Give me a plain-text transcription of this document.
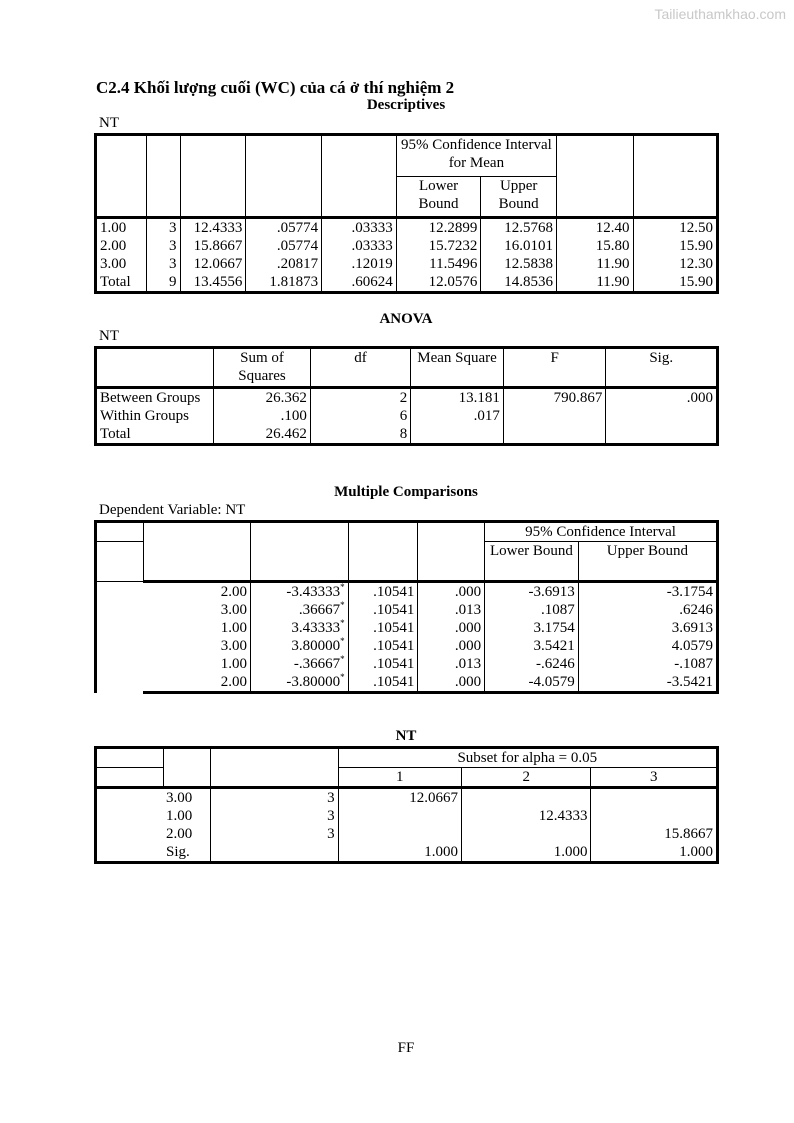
Tailieuthamkhao.com
C2.4 Khối lượng cuối (WC) của cá ở thí nghiệm 2
Descriptives
NT
					95% Confidence Interval for Mean			
					Lower Bound	Upper Bound		
1.00	3	12.4333	.05774	.03333	12.2899	12.5768	12.40	12.50
2.00	3	15.8667	.05774	.03333	15.7232	16.0101	15.80	15.90
3.00	3	12.0667	.20817	.12019	11.5496	12.5838	11.90	12.30
Total	9	13.4556	1.81873	.60624	12.0576	14.8536	11.90	15.90
ANOVA
NT
	Sum of Squares	df	Mean Square	F	Sig.
Between Groups	26.362	2	13.181	790.867	.000
Within Groups	.100	6	.017		
Total	26.462	8			
Multiple Comparisons
Dependent Variable: NT
					95% Confidence Interval	
					Lower Bound	Upper Bound
	2.00	-3.43333*	.10541	.000	-3.6913	-3.1754
	3.00	.36667*	.10541	.013	.1087	.6246
	1.00	3.43333*	.10541	.000	3.1754	3.6913
	3.00	3.80000*	.10541	.000	3.5421	4.0579
	1.00	-.36667*	.10541	.013	-.6246	-.1087
	2.00	-3.80000*	.10541	.000	-4.0579	-3.5421
NT
			Subset for alpha = 0.05		
			1	2	3
	3.00	3	12.0667		
	1.00	3		12.4333	
	2.00	3			15.8667
	Sig.		1.000	1.000	1.000
FF
